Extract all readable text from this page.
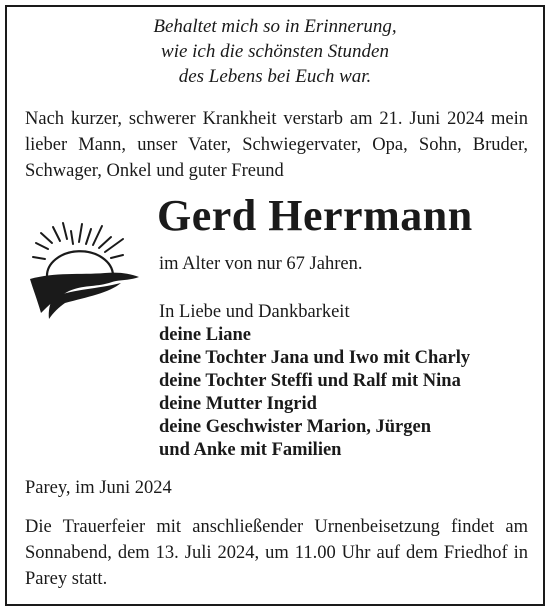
Behaltet mich so in Erinnerung,
wie ich die schönsten Stunden
des Lebens bei Euch war.
Nach kurzer, schwerer Krankheit verstarb am 21. Juni 2024 mein lieber Mann, unser Vater, Schwiegervater, Opa, Sohn, Bruder, Schwager, Onkel und guter Freund
Gerd Herrmann
im Alter von nur 67 Jahren.
In Liebe und Dankbarkeit
deine Liane
deine Tochter Jana und Iwo mit Charly
deine Tochter Steffi und Ralf mit Nina
deine Mutter Ingrid
deine Geschwister Marion, Jürgen
und Anke mit Familien
Parey, im Juni 2024
Die Trauerfeier mit anschließender Urnenbeisetzung findet am Sonnabend, dem 13. Juli 2024, um 11.00 Uhr auf dem Friedhof in Parey statt.
